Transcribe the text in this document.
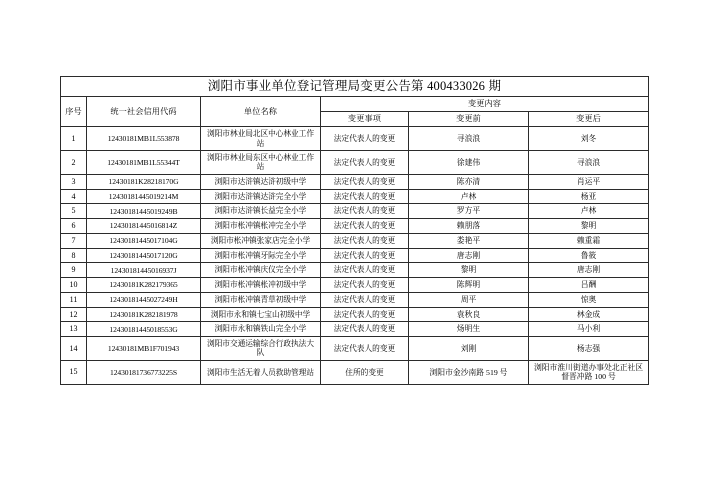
浏阳市事业单位登记管理局变更公告第 400433026 期					
序号	统一社会信用代码	单位名称	变更内容		
			变更事项	变更前	变更后
1	12430181MB1L553878	浏阳市林业局北区中心林业工作站	法定代表人的变更	寻浪浪	刘冬
2	12430181MB1L55344T	浏阳市林业局东区中心林业工作站	法定代表人的变更	徐建伟	寻浪浪
3	12430181K28218170G	浏阳市达浒镇达浒初级中学	法定代表人的变更	陈亦清	肖运平
4	12430181445019214M	浏阳市达浒镇达浒完全小学	法定代表人的变更	卢林	杨亚
5	12430181445019249B	浏阳市达浒镇长益完全小学	法定代表人的变更	罗方平	卢林
6	12430181445016814Z	浏阳市枨冲镇枨冲完全小学	法定代表人的变更	赖朋落	黎明
7	12430181445017104G	浏阳市枨冲镇张家店完全小学	法定代表人的变更	娄艳平	赖重霜
8	12430181445017120G	浏阳市枨冲镇牙际完全小学	法定代表人的变更	唐志刚	鲁筱
9	12430181445016937J	浏阳市枨冲镇庆仪完全小学	法定代表人的变更	黎明	唐志刚
10	12430181K282179365	浏阳市枨冲镇枨冲初级中学	法定代表人的变更	陈辉明	吕酬
11	12430181445027249H	浏阳市枨冲镇青草初级中学	法定代表人的变更	周平	惊奥
12	12430181K282181978	浏阳市永和镇七宝山初级中学	法定代表人的变更	袁秋良	林金成
13	12430181445018553G	浏阳市永和镇铁山完全小学	法定代表人的变更	炀明生	马小利
14	12430181MB1F701943	浏阳市交通运输综合行政执法大队	法定代表人的变更	刘刚	杨志强
15	12430181736773225S	浏阳市生活无着人员救助管理站	住所的变更	浏阳市金沙南路 519 号	浏阳市淮川街道办事处北正社区督晋冲路 100 号
